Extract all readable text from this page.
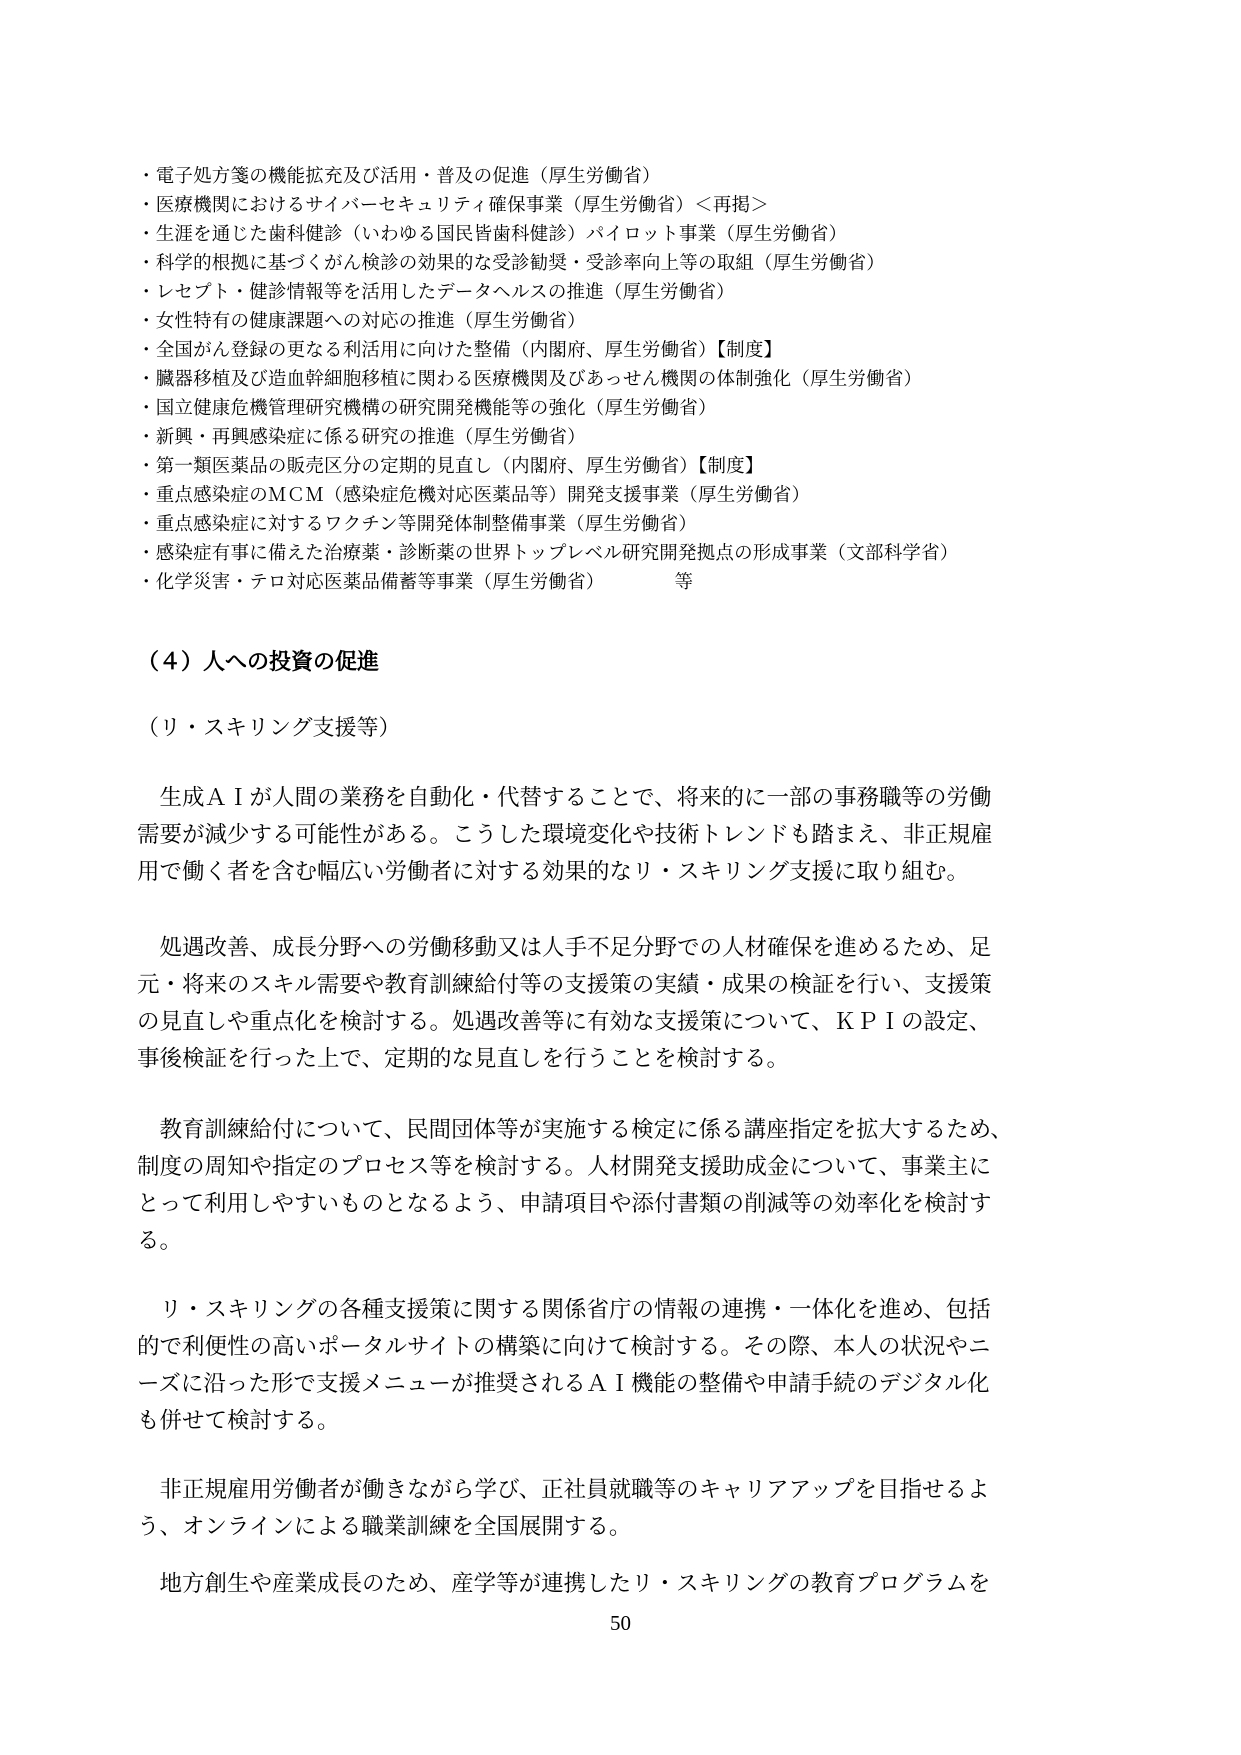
・電子処方箋の機能拡充及び活用・普及の促進（厚生労働省）
・医療機関におけるサイバーセキュリティ確保事業（厚生労働省）＜再掲＞
・生涯を通じた歯科健診（いわゆる国民皆歯科健診）パイロット事業（厚生労働省）
・科学的根拠に基づくがん検診の効果的な受診勧奨・受診率向上等の取組（厚生労働省）
・レセプト・健診情報等を活用したデータヘルスの推進（厚生労働省）
・女性特有の健康課題への対応の推進（厚生労働省）
・全国がん登録の更なる利活用に向けた整備（内閣府、厚生労働省）【制度】
・臓器移植及び造血幹細胞移植に関わる医療機関及びあっせん機関の体制強化（厚生労働省）
・国立健康危機管理研究機構の研究開発機能等の強化（厚生労働省）
・新興・再興感染症に係る研究の推進（厚生労働省）
・第一類医薬品の販売区分の定期的見直し（内閣府、厚生労働省）【制度】
・重点感染症のＭＣＭ（感染症危機対応医薬品等）開発支援事業（厚生労働省）
・重点感染症に対するワクチン等開発体制整備事業（厚生労働省）
・感染症有事に備えた治療薬・診断薬の世界トップレベル研究開発拠点の形成事業（文部科学省）
・化学災害・テロ対応医薬品備蓄等事業（厚生労働省）	等
（４）人への投資の促進

（リ・スキリング支援等）

　生成ＡＩが人間の業務を自動化・代替することで、将来的に一部の事務職等の労働
需要が減少する可能性がある。こうした環境変化や技術トレンドも踏まえ、非正規雇
用で働く者を含む幅広い労働者に対する効果的なリ・スキリング支援に取り組む。

　処遇改善、成長分野への労働移動又は人手不足分野での人材確保を進めるため、足
元・将来のスキル需要や教育訓練給付等の支援策の実績・成果の検証を行い、支援策
の見直しや重点化を検討する。処遇改善等に有効な支援策について、ＫＰＩの設定、
事後検証を行った上で、定期的な見直しを行うことを検討する。

　教育訓練給付について、民間団体等が実施する検定に係る講座指定を拡大するため、
制度の周知や指定のプロセス等を検討する。人材開発支援助成金について、事業主に
とって利用しやすいものとなるよう、申請項目や添付書類の削減等の効率化を検討す
る。

　リ・スキリングの各種支援策に関する関係省庁の情報の連携・一体化を進め、包括
的で利便性の高いポータルサイトの構築に向けて検討する。その際、本人の状況やニ
ーズに沿った形で支援メニューが推奨されるＡＩ機能の整備や申請手続のデジタル化
も併せて検討する。

　非正規雇用労働者が働きながら学び、正社員就職等のキャリアアップを目指せるよ
う、オンラインによる職業訓練を全国展開する。

　地方創生や産業成長のため、産学等が連携したリ・スキリングの教育プログラムを

50
